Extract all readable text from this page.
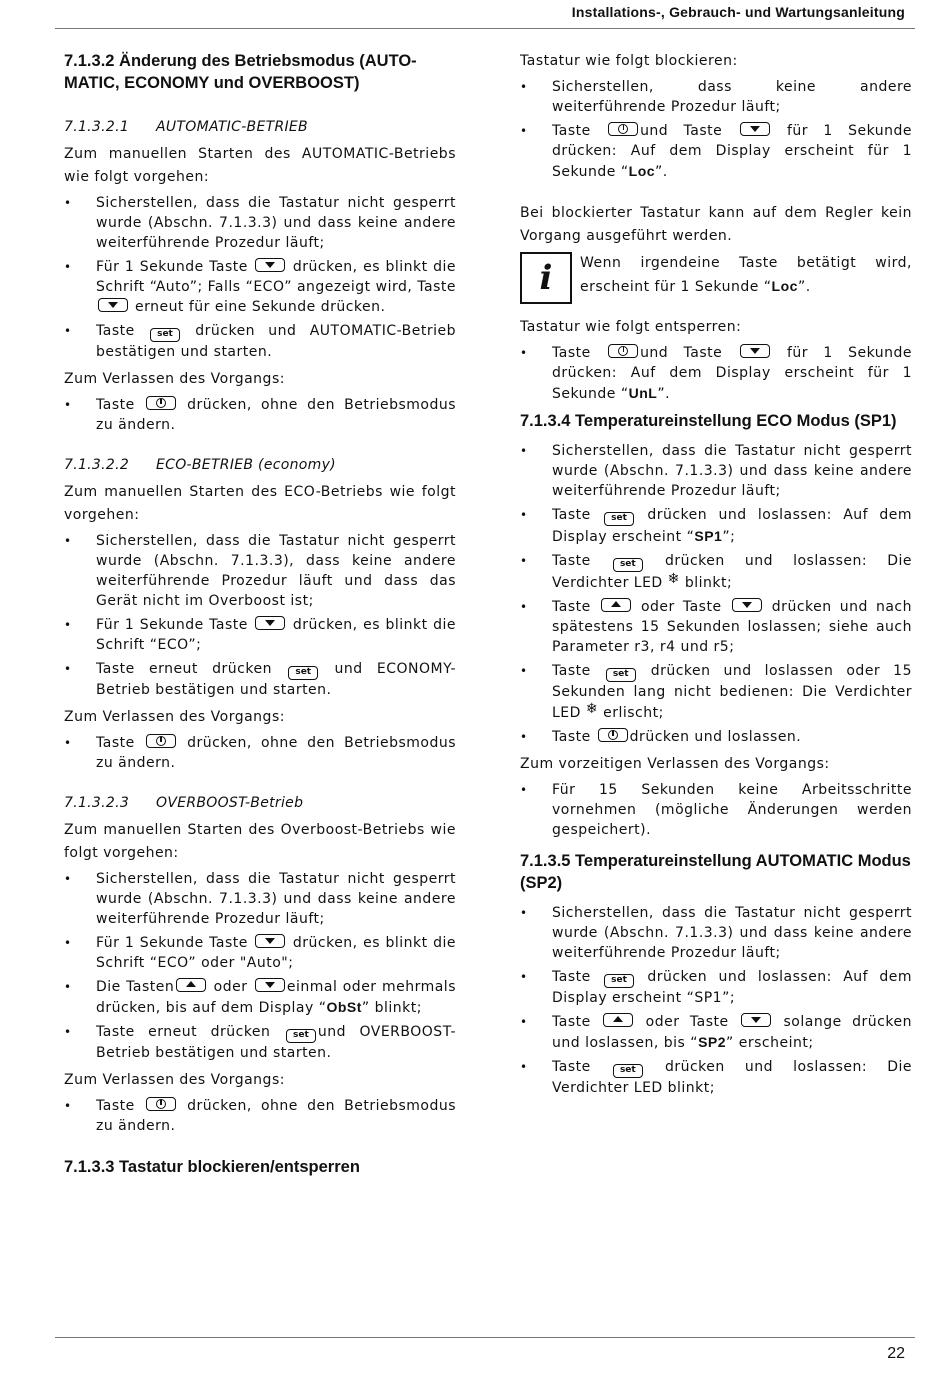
Installations-, Gebrauch- und Wartungsanleitung
7.1.3.2 Änderung des Betriebsmodus (AUTO-MATIC, ECONOMY und OVERBOOST)
7.1.3.2.1 AUTOMATIC-BETRIEB

Zum manuellen Starten des AUTOMATIC-Betriebs wie folgt vorgehen:

• Sicherstellen, dass die Tastatur nicht gesperrt wurde (Abschn. 7.1.3.3) und dass keine andere weiterführende Prozedur läuft;
• Für 1 Sekunde Taste	drücken, es blinkt die Schrift “Auto”; Falls “ECO” angezeigt wird, Taste  erneut für eine Sekunde drücken.
• Taste set drücken und AUTOMATIC-Betrieb bestätigen und starten.

Zum Verlassen des Vorgangs:

• Taste	drücken, ohne den Betriebsmodus zu ändern.
7.1.3.2.2 ECO-BETRIEB (economy)

Zum manuellen Starten des ECO-Betriebs wie folgt vorgehen:

• Sicherstellen, dass die Tastatur nicht gesperrt wurde (Abschn. 7.1.3.3), dass keine andere weiterführende Prozedur läuft und dass das Gerät nicht im Overboost ist;
• Für 1 Sekunde Taste	drücken, es blinkt die Schrift “ECO”;
• Taste erneut drücken	set und ECONOMY-Betrieb bestätigen und starten.

Zum Verlassen des Vorgangs:

• Taste	drücken, ohne den Betriebsmodus zu ändern.
7.1.3.2.3 OVERBOOST-Betrieb

Zum manuellen Starten des Overboost-Betriebs wie folgt vorgehen:

• Sicherstellen, dass die Tastatur nicht gesperrt wurde (Abschn. 7.1.3.3) und dass keine andere weiterführende Prozedur läuft;
• Für 1 Sekunde Taste	drücken, es blinkt die Schrift “ECO” oder "Auto";
• Die Tasten	oder	einmal oder mehrmals drücken, bis auf dem Display “ObSt” blinkt;
• Taste erneut drücken	set und OVERBOOST-Betrieb bestätigen und starten.

Zum Verlassen des Vorgangs:

• Taste	drücken, ohne den Betriebsmodus zu ändern.
7.1.3.3 Tastatur blockieren/entsperren

Tastatur wie folgt blockieren:

• Sicherstellen, dass keine andere weiterführende Prozedur läuft;
• Taste	und Taste	für 1 Sekunde drücken: Auf dem Display erscheint für 1 Sekunde “Loc”.

Bei blockierter Tastatur kann auf dem Regler kein Vorgang ausgeführt werden.

i	Wenn irgendeine Taste betätigt wird, erscheint für 1 Sekunde “Loc”.

Tastatur wie folgt entsperren:

• Taste	und Taste	für 1 Sekunde drücken: Auf dem Display erscheint für 1 Sekunde “UnL”.
7.1.3.4 Temperatureinstellung ECO Modus (SP1)
• Sicherstellen, dass die Tastatur nicht gesperrt wurde (Abschn. 7.1.3.3) und dass keine andere weiterführende Prozedur läuft;
• Taste set drücken und loslassen: Auf dem Display erscheint “SP1”;
• Taste	set drücken und loslassen: Die Verdichter LED ❄ blinkt;
• Taste	oder Taste	drücken und nach spätestens 15 Sekunden loslassen; siehe auch Parameter r3, r4 und r5;
• Taste set drücken und loslassen oder 15 Sekunden lang nicht bedienen: Die Verdichter LED ❄ erlischt;
• Taste	drücken und loslassen.

Zum vorzeitigen Verlassen des Vorgangs:

• Für 15 Sekunden keine Arbeitsschritte vornehmen (mögliche Änderungen werden gespeichert).
7.1.3.5 Temperatureinstellung AUTOMATIC Modus (SP2)
• Sicherstellen, dass die Tastatur nicht gesperrt wurde (Abschn. 7.1.3.3) und dass keine andere weiterführende Prozedur läuft;
• Taste set drücken und loslassen: Auf dem Display erscheint “SP1”;
• Taste	oder Taste	solange drücken und loslassen, bis “SP2” erscheint;
• Taste	set drücken und loslassen: Die Verdichter LED blinkt;
22
